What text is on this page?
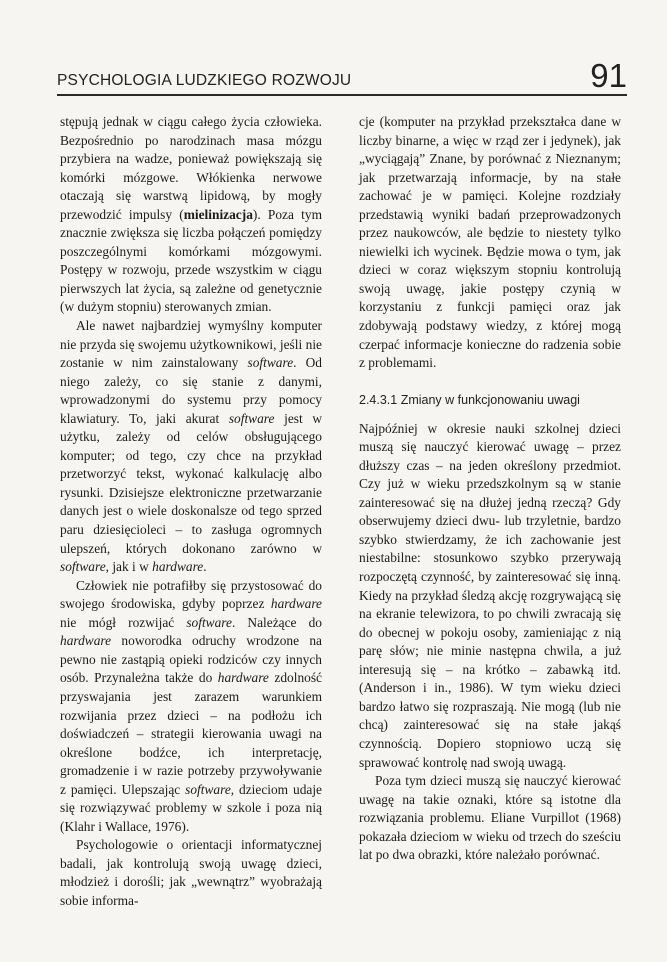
PSYCHOLOGIA LUDZKIEGO ROZWOJU	91

stępują jednak w ciągu całego życia człowieka. Bezpośrednio po narodzinach masa mózgu przybiera na wadze, ponieważ powiększają się komórki mózgowe. Włókienka nerwowe otaczają się warstwą lipidową, by mogły przewodzić impulsy (mielinizacja). Poza tym znacznie zwiększa się liczba połączeń pomiędzy poszczególnymi komórkami mózgowymi. Postępy w rozwoju, przede wszystkim w ciągu pierwszych lat życia, są zależne od genetycznie (w dużym stopniu) sterowanych zmian.

Ale nawet najbardziej wymyślny komputer nie przyda się swojemu użytkownikowi, jeśli nie zostanie w nim zainstalowany software. Od niego zależy, co się stanie z danymi, wprowadzonymi do systemu przy pomocy klawiatury. To, jaki akurat software jest w użytku, zależy od celów obsługującego komputer; od tego, czy chce na przykład przetworzyć tekst, wykonać kalkulację albo rysunki. Dzisiejsze elektroniczne przetwarzanie danych jest o wiele doskonalsze od tego sprzed paru dziesięcioleci – to zasługa ogromnych ulepszeń, których dokonano zarówno w software, jak i w hardware.

Człowiek nie potrafiłby się przystosować do swojego środowiska, gdyby poprzez hardware nie mógł rozwijać software. Należące do hardware noworodka odruchy wrodzone na pewno nie zastąpią opieki rodziców czy innych osób. Przynależna także do hardware zdolność przyswajania jest zarazem warunkiem rozwijania przez dzieci – na podłożu ich doświadczeń – strategii kierowania uwagi na określone bodźce, ich interpretację, gromadzenie i w razie potrzeby przywoływanie z pamięci. Ulepszając software, dzieciom udaje się rozwiązywać problemy w szkole i poza nią (Klahr i Wallace, 1976).

Psychologowie o orientacji informatycznej badali, jak kontrolują swoją uwagę dzieci, młodzież i dorośli; jak „wewnątrz” wyobrażają sobie informa-

cje (komputer na przykład przekształca dane w liczby binarne, a więc w rząd zer i jedynek), jak „wyciągają” Znane, by porównać z Nieznanym; jak przetwarzają informacje, by na stałe zachować je w pamięci. Kolejne rozdziały przedstawią wyniki badań przeprowadzonych przez naukowców, ale będzie to niestety tylko niewielki ich wycinek. Będzie mowa o tym, jak dzieci w coraz większym stopniu kontrolują swoją uwagę, jakie postępy czynią w korzystaniu z funkcji pamięci oraz jak zdobywają podstawy wiedzy, z której mogą czerpać informacje konieczne do radzenia sobie z problemami.

2.4.3.1 Zmiany w funkcjonowaniu uwagi

Najpóźniej w okresie nauki szkolnej dzieci muszą się nauczyć kierować uwagę – przez dłuższy czas – na jeden określony przedmiot. Czy już w wieku przedszkolnym są w stanie zainteresować się na dłużej jedną rzeczą? Gdy obserwujemy dzieci dwu- lub trzyletnie, bardzo szybko stwierdzamy, że ich zachowanie jest niestabilne: stosunkowo szybko przerywają rozpoczętą czynność, by zainteresować się inną. Kiedy na przykład śledzą akcję rozgrywającą się na ekranie telewizora, to po chwili zwracają się do obecnej w pokoju osoby, zamieniając z nią parę słów; nie minie następna chwila, a już interesują się – na krótko – zabawką itd. (Anderson i in., 1986). W tym wieku dzieci bardzo łatwo się rozpraszają. Nie mogą (lub nie chcą) zainteresować się na stałe jakąś czynnością. Dopiero stopniowo uczą się sprawować kontrolę nad swoją uwagą.

Poza tym dzieci muszą się nauczyć kierować uwagę na takie oznaki, które są istotne dla rozwiązania problemu. Eliane Vurpillot (1968) pokazała dzieciom w wieku od trzech do sześciu lat po dwa obrazki, które należało porównać.
